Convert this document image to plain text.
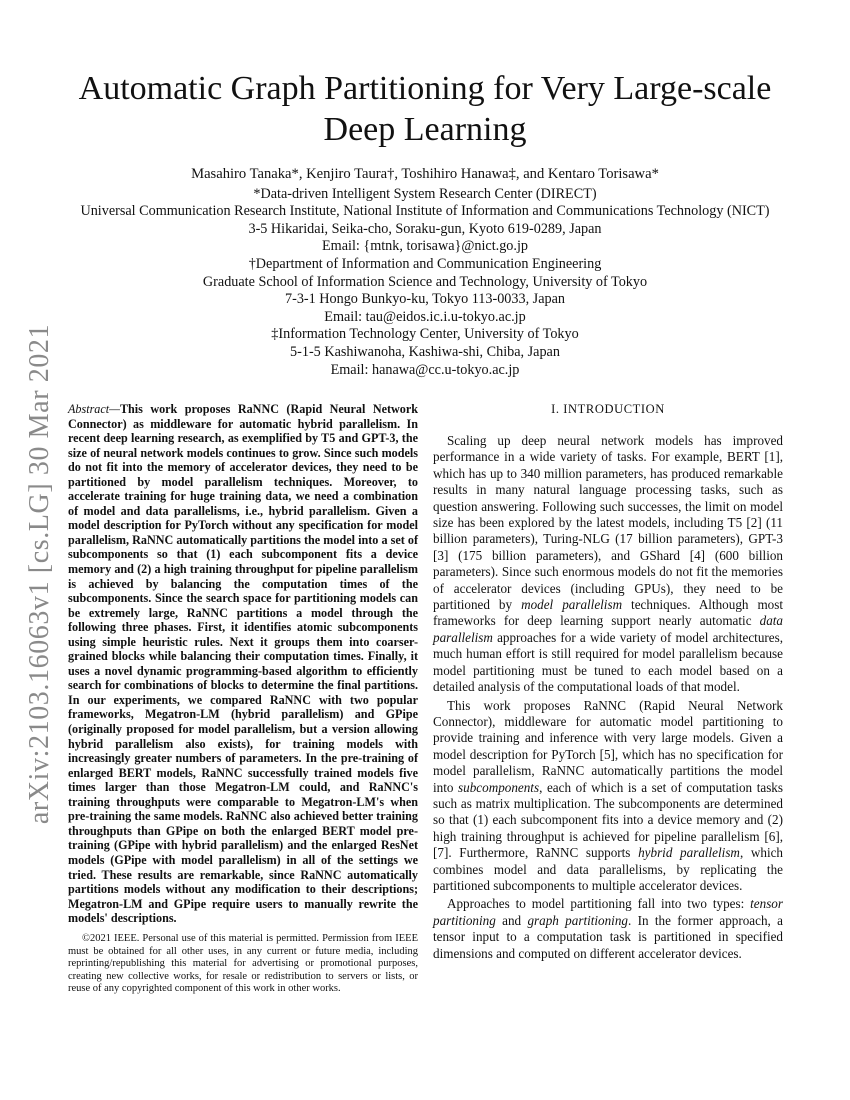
arXiv:2103.16063v1 [cs.LG] 30 Mar 2021
Automatic Graph Partitioning for Very Large-scale
Deep Learning
Masahiro Tanaka*, Kenjiro Taura†, Toshihiro Hanawa‡, and Kentaro Torisawa*
*Data-driven Intelligent System Research Center (DIRECT)
Universal Communication Research Institute, National Institute of Information and Communications Technology (NICT)
3-5 Hikaridai, Seika-cho, Soraku-gun, Kyoto 619-0289, Japan
Email: {mtnk, torisawa}@nict.go.jp
†Department of Information and Communication Engineering
Graduate School of Information Science and Technology, University of Tokyo
7-3-1 Hongo Bunkyo-ku, Tokyo 113-0033, Japan
Email: tau@eidos.ic.i.u-tokyo.ac.jp
‡Information Technology Center, University of Tokyo
5-1-5 Kashiwanoha, Kashiwa-shi, Chiba, Japan
Email: hanawa@cc.u-tokyo.ac.jp
Abstract—This work proposes RaNNC (Rapid Neural Network Connector) as middleware for automatic hybrid parallelism. In recent deep learning research, as exemplified by T5 and GPT-3, the size of neural network models continues to grow. Since such models do not fit into the memory of accelerator devices, they need to be partitioned by model parallelism techniques. Moreover, to accelerate training for huge training data, we need a combination of model and data parallelisms, i.e., hybrid parallelism. Given a model description for PyTorch without any specification for model parallelism, RaNNC automatically partitions the model into a set of subcomponents so that (1) each subcomponent fits a device memory and (2) a high training throughput for pipeline parallelism is achieved by balancing the computation times of the subcomponents. Since the search space for partitioning models can be extremely large, RaNNC partitions a model through the following three phases. First, it identifies atomic subcomponents using simple heuristic rules. Next it groups them into coarser-grained blocks while balancing their computation times. Finally, it uses a novel dynamic programming-based algorithm to efficiently search for combinations of blocks to determine the final partitions. In our experiments, we compared RaNNC with two popular frameworks, Megatron-LM (hybrid parallelism) and GPipe (originally proposed for model parallelism, but a version allowing hybrid parallelism also exists), for training models with increasingly greater numbers of parameters. In the pre-training of enlarged BERT models, RaNNC successfully trained models five times larger than those Megatron-LM could, and RaNNC's training throughputs were comparable to Megatron-LM's when pre-training the same models. RaNNC also achieved better training throughputs than GPipe on both the enlarged BERT model pre-training (GPipe with hybrid parallelism) and the enlarged ResNet models (GPipe with model parallelism) in all of the settings we tried. These results are remarkable, since RaNNC automatically partitions models without any modification to their descriptions; Megatron-LM and GPipe require users to manually rewrite the models' descriptions.
©2021 IEEE. Personal use of this material is permitted. Permission from IEEE must be obtained for all other uses, in any current or future media, including reprinting/republishing this material for advertising or promotional purposes, creating new collective works, for resale or redistribution to servers or lists, or reuse of any copyrighted component of this work in other works.
I. INTRODUCTION

Scaling up deep neural network models has improved performance in a wide variety of tasks. For example, BERT [1], which has up to 340 million parameters, has produced remarkable results in many natural language processing tasks, such as question answering. Following such successes, the limit on model size has been explored by the latest models, including T5 [2] (11 billion parameters), Turing-NLG (17 billion parameters), GPT-3 [3] (175 billion parameters), and GShard [4] (600 billion parameters). Since such enormous models do not fit the memories of accelerator devices (including GPUs), they need to be partitioned by model parallelism techniques. Although most frameworks for deep learning support nearly automatic data parallelism approaches for a wide variety of model architectures, much human effort is still required for model parallelism because model partitioning must be tuned to each model based on a detailed analysis of the computational loads of that model.

This work proposes RaNNC (Rapid Neural Network Connector), middleware for automatic model partitioning to provide training and inference with very large models. Given a model description for PyTorch [5], which has no specification for model parallelism, RaNNC automatically partitions the model into subcomponents, each of which is a set of computation tasks such as matrix multiplication. The subcomponents are determined so that (1) each subcomponent fits into a device memory and (2) high training throughput is achieved for pipeline parallelism [6], [7]. Furthermore, RaNNC supports hybrid parallelism, which combines model and data parallelisms, by replicating the partitioned subcomponents to multiple accelerator devices.

Approaches to model partitioning fall into two types: tensor partitioning and graph partitioning. In the former approach, a tensor input to a computation task is partitioned in specified dimensions and computed on different accelerator devices.
